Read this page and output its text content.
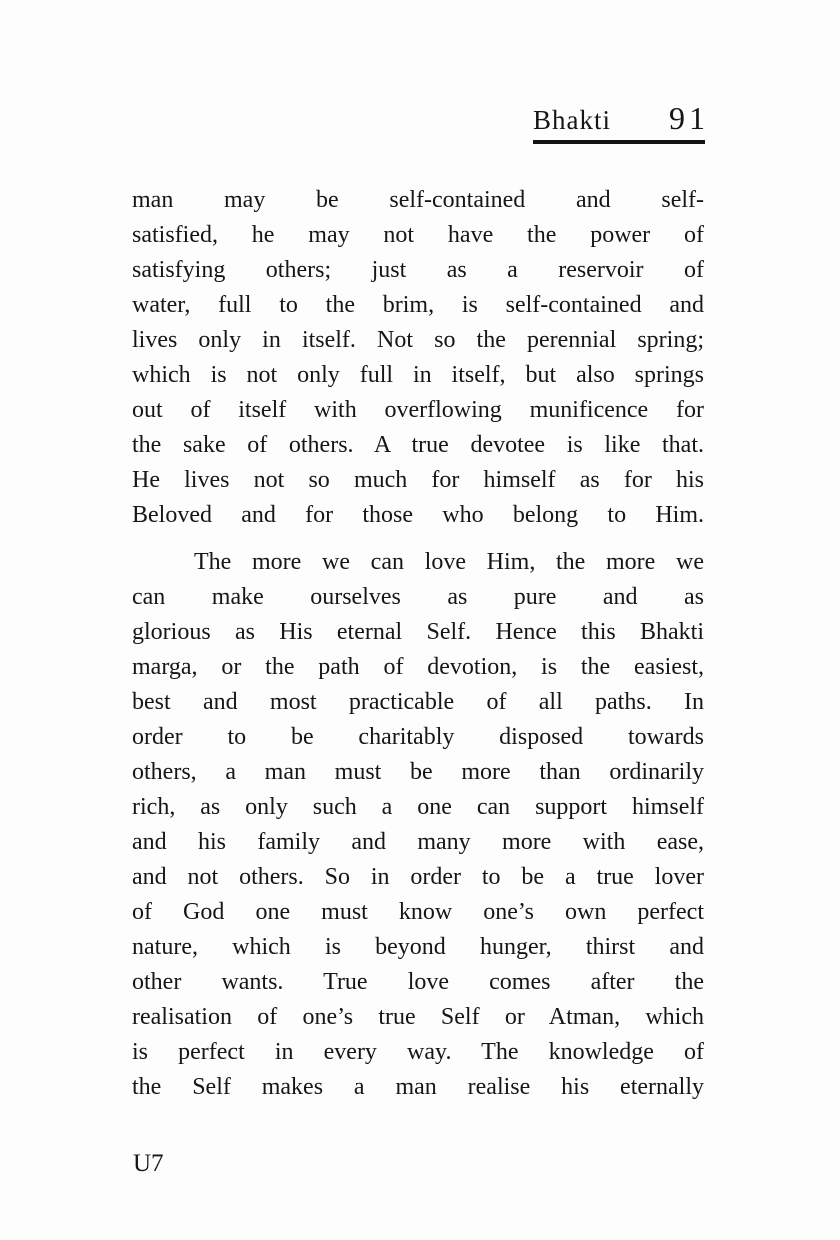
Bhakti 91
man may be self-contained and self-
satisfied, he may not have the power of
satisfying others; just as a reservoir of
water, full to the brim, is self-contained and
lives only in itself. Not so the perennial spring;
which is not only full in itself, but also springs
out of itself with overflowing munificence for
the sake of others. A true devotee is like that.
He lives not so much for himself as for his
Beloved and for those who belong to Him.
The more we can love Him, the more we
can make ourselves as pure and as
glorious as His eternal Self. Hence this Bhakti
marga, or the path of devotion, is the easiest,
best and most practicable of all paths. In
order to be charitably disposed towards
others, a man must be more than ordinarily
rich, as only such a one can support himself
and his family and many more with ease,
and not others. So in order to be a true lover
of God one must know one’s own perfect
nature, which is beyond hunger, thirst and
other wants. True love comes after the
realisation of one’s true Self or Atman, which
is perfect in every way. The knowledge of
the Self makes a man realise his eternally
U7
